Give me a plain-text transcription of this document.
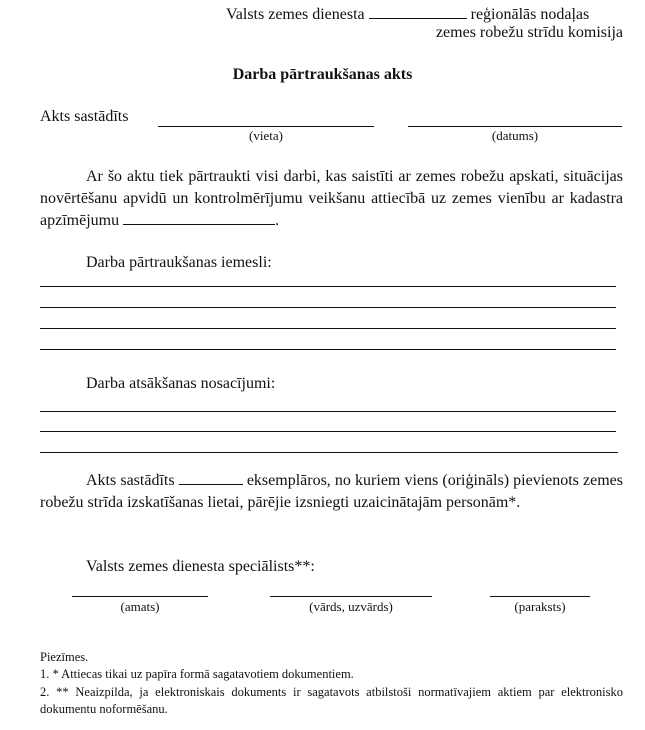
Valsts zemes dienesta	reģionālās nodaļas
zemes robežu strīdu komisija
Darba pārtraukšanas akts
Akts sastādīts
(vieta)	(datums)
Ar šo aktu tiek pārtraukti visi darbi, kas saistīti ar zemes robežu apskati, situācijas novērtēšanu apvidū un kontrolmērījumu veikšanu attiecībā uz zemes vienību ar kadastra apzīmējumu	.
Darba pārtraukšanas iemesli:
Darba atsākšanas nosacījumi:
Akts sastādīts	eksemplāros, no kuriem viens (oriģināls) pievienots zemes robežu strīda izskatīšanas lietai, pārējie izsniegti uzaicinātajām personām*.
Valsts zemes dienesta speciālists**:
(amats)	(vārds, uzvārds)	(paraksts)
Piezīmes.
1. * Attiecas tikai uz papīra formā sagatavotiem dokumentiem.
2. ** Neaizpilda, ja elektroniskais dokuments ir sagatavots atbilstoši normatīvajiem aktiem par elektronisko dokumentu noformēšanu.
